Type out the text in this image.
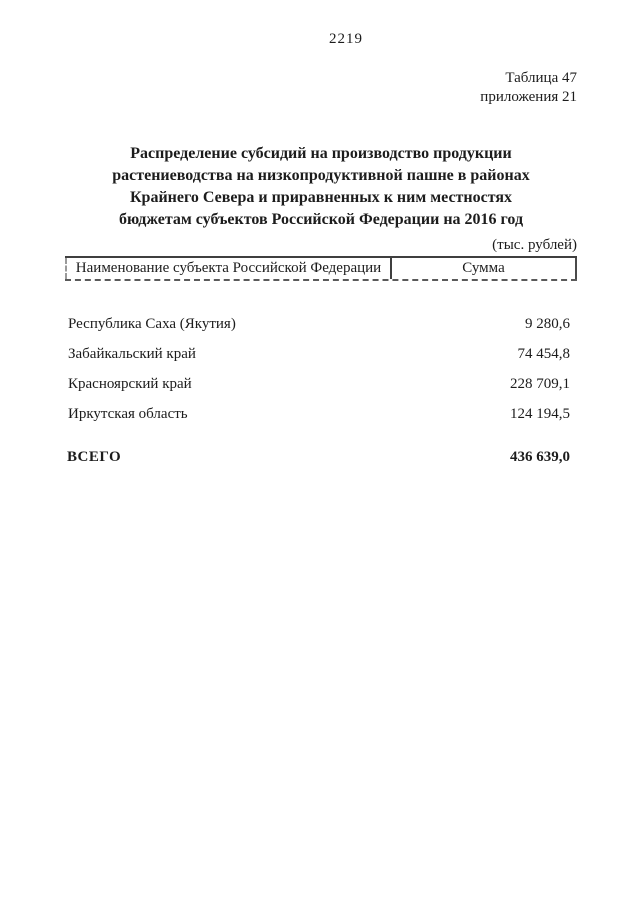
2219
Таблица 47
приложения 21
Распределение субсидий на производство продукции
растениеводства на низкопродуктивной пашне в районах
Крайнего Севера и приравненных к ним местностях
бюджетам субъектов Российской Федерации на 2016 год
(тыс. рублей)
Наименование субъекта Российской Федерации	Сумма
Республика Саха (Якутия)	9 280,6
Забайкальский край	74 454,8
Красноярский край	228 709,1
Иркутская область	124 194,5
ВСЕГО	436 639,0
